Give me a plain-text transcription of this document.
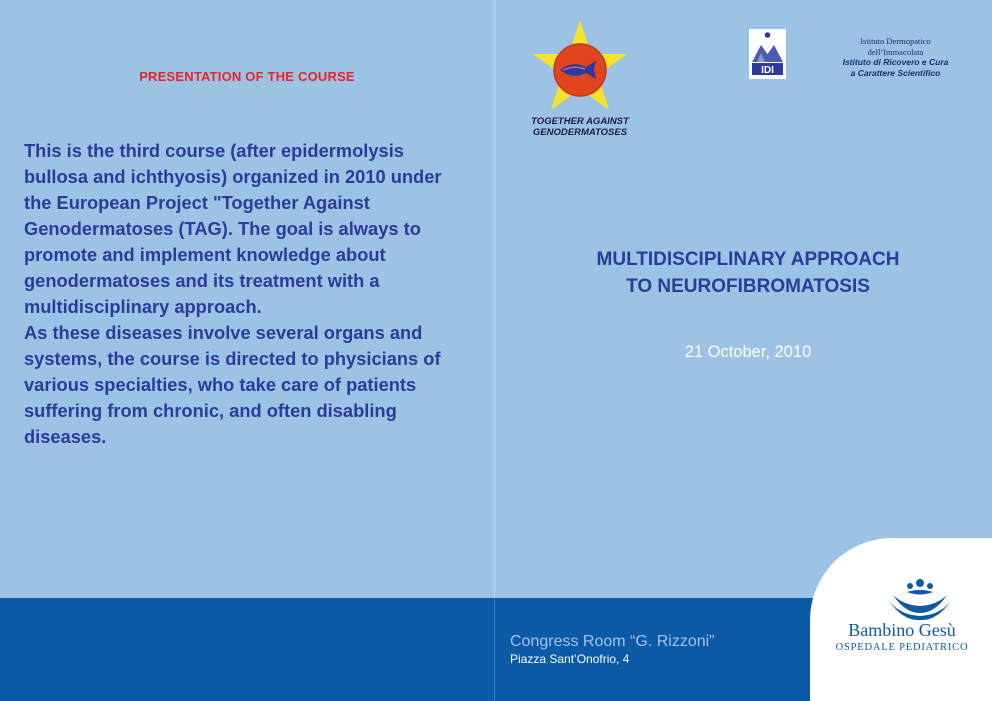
PRESENTATION OF THE COURSE

This is the third course (after epidermolysis bullosa and ichthyosis) organized in 2010 under the European Project "Together Against Genodermatoses (TAG). The goal is always to promote and implement knowledge about genodermatoses and its treatment with a multidisciplinary approach.

As these diseases involve several organs and systems, the course is directed to physicians of various specialties, who take care of patients suffering from chronic, and often disabling diseases.

TOGETHER AGAINST
GENODERMATOSES
IDI
Istituto Dermopatico
dell’Immacolata
Istituto di Ricovero e Cura
a Carattere Scientifico
MULTIDISCIPLINARY APPROACH
TO NEUROFIBROMATOSIS
21 October, 2010
Congress Room “G. Rizzoni”
Piazza Sant’Onofrio, 4
Bambino Gesù
OSPEDALE PEDIATRICO
